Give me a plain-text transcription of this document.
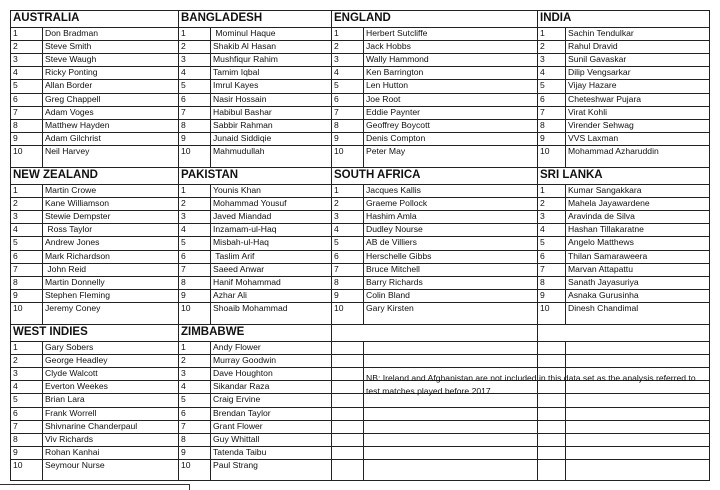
AUSTRALIA
1	Don Bradman
2	Steve Smith
3	Steve Waugh
4	Ricky Ponting
5	Allan Border
6	Greg Chappell
7	Adam Voges
8	Matthew Hayden
9	Adam Gilchrist
10	Neil Harvey
BANGLADESH
1	Mominul Haque
2	Shakib Al Hasan
3	Mushfiqur Rahim
4	Tamim Iqbal
5	Imrul Kayes
6	Nasir Hossain
7	Habibul Bashar
8	Sabbir Rahman
9	Junaid Siddiqie
10	Mahmudullah
ENGLAND
1	Herbert Sutcliffe
2	Jack Hobbs
3	Wally Hammond
4	Ken Barrington
5	Len Hutton
6	Joe Root
7	Eddie Paynter
8	Geoffrey Boycott
9	Denis Compton
10	Peter May
INDIA
1	Sachin Tendulkar
2	Rahul Dravid
3	Sunil Gavaskar
4	Dilip Vengsarkar
5	Vijay Hazare
6	Cheteshwar Pujara
7	Virat Kohli
8	Virender Sehwag
9	VVS Laxman
10 Mohammad Azharuddin
NEW ZEALAND
1	Martin Crowe
2	Kane Williamson
3	Stewie Dempster
4	Ross Taylor
5	Andrew Jones
6	Mark Richardson
7	John Reid
8	Martin Donnelly
9	Stephen Fleming
10	Jeremy Coney
PAKISTAN
1	Younis Khan
2	Mohammad Yousuf
3	Javed Miandad
4	Inzamam-ul-Haq
5	Misbah-ul-Haq
6	Taslim Arif
7	Saeed Anwar
8	Hanif Mohammad
9	Azhar Ali
10	Shoaib Mohammad
SOUTH AFRICA
1	Jacques Kallis
2	Graeme Pollock
3	Hashim Amla
4	Dudley Nourse
5	AB de Villiers
6	Herschelle Gibbs
7	Bruce Mitchell
8	Barry Richards
9	Colin Bland
10	Gary Kirsten
SRI LANKA
1	Kumar Sangakkara
2	Mahela Jayawardene
3	Aravinda de Silva
4	Hashan Tillakaratne
5	Angelo Matthews
6	Thilan Samaraweera
7	Marvan Attapattu
8	Sanath Jayasuriya
9	Asnaka Gurusinha
10 Dinesh Chandimal
WEST INDIES
1	Gary Sobers
2	George Headley
3	Clyde Walcott
4	Everton Weekes
5	Brian Lara
6	Frank Worrell
7	Shivnarine Chanderpaul
8	Viv Richards
9	Rohan Kanhai
10	Seymour Nurse
ZIMBABWE
1	Andy Flower
2	Murray Goodwin
3	Dave Houghton
4	Sikandar Raza
5	Craig Ervine
6	Brendan Taylor
7	Grant Flower
8	Guy Whittall
9	Tatenda Taibu
10	Paul Strang
NB: Ireland and Afghanistan are not included in this data set as the analysis referred to test matches played before 2017.
